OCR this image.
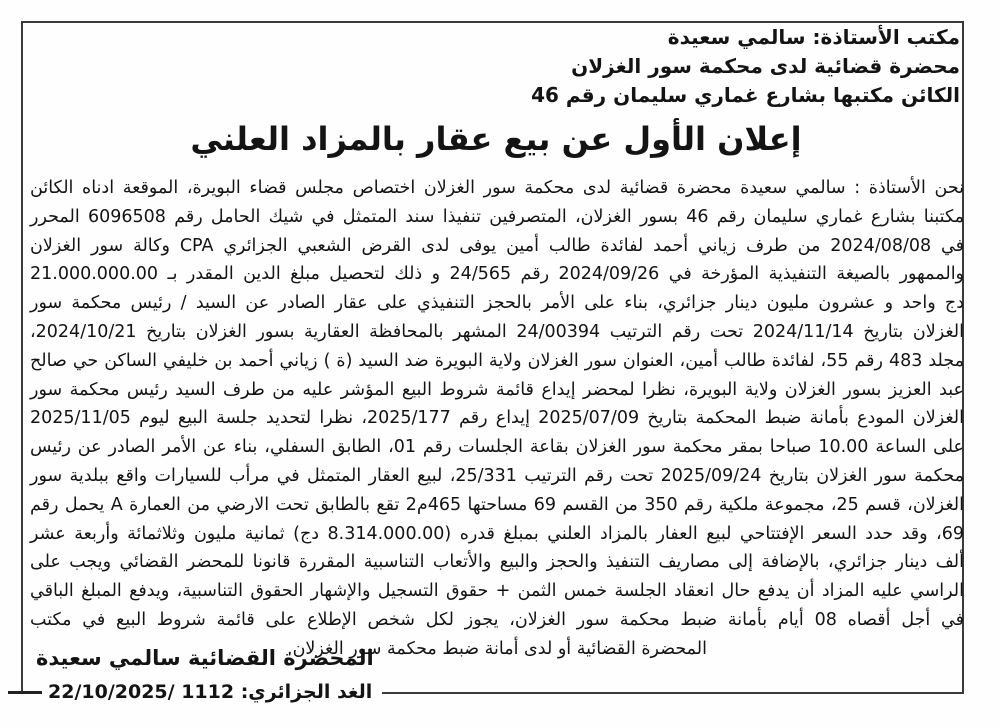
مكتب الأستاذة: سالمي سعيدة
محضرة قضائية لدى محكمة سور الغزلان
الكائن مكتبها بشارع غماري سليمان رقم 46
إعلان الأول عن بيع عقار بالمزاد العلني
نحن الأستاذة : سالمي سعيدة محضرة قضائية لدى محكمة سور الغزلان اختصاص مجلس قضاء البويرة، الموقعة ادناه الكائن
مكتبنا بشارع غماري سليمان رقم 46 بسور الغزلان، المتصرفين تنفيذا سند المتمثل في شيك الحامل رقم 6096508 المحرر
في 2024/08/08 من طرف زياني أحمد لفائدة طالب أمين يوفى لدى القرض الشعبي الجزائري CPA وكالة سور الغزلان
والممهور بالصيغة التنفيذية المؤرخة في 2024/09/26 رقم 24/565 و ذلك لتحصيل مبلغ الدين المقدر بـ 21.000.000.00
دج واحد و عشرون مليون دينار جزائري، بناء على الأمر بالحجز التنفيذي على عقار الصادر عن السيد / رئيس محكمة سور
الغزلان بتاريخ 2024/11/14 تحت رقم الترتيب 24/00394 المشهر بالمحافظة العقارية بسور الغزلان بتاريخ 2024/10/21،
مجلد 483 رقم 55، لفائدة طالب أمين، العنوان سور الغزلان ولاية البويرة ضد السيد (ة ) زياني أحمد بن خليفي الساكن حي صالح
عبد العزيز بسور الغزلان ولاية البويرة، نظرا لمحضر إيداع قائمة شروط البيع المؤشر عليه من طرف السيد رئيس محكمة سور
الغزلان المودع بأمانة ضبط المحكمة بتاريخ 2025/07/09 إيداع رقم 2025/177، نظرا لتحديد جلسة البيع ليوم 2025/11/05
على الساعة 10.00 صباحا بمقر محكمة سور الغزلان بقاعة الجلسات رقم 01، الطابق السفلي، بناء عن الأمر الصادر عن رئيس
محكمة سور الغزلان بتاريخ 2025/09/24 تحت رقم الترتيب 25/331، لبيع العقار المتمثل في مرأب للسيارات واقع ببلدية سور
الغزلان، قسم 25، مجموعة ملكية رقم 350 من القسم 69 مساحتها 465م2 تقع بالطابق تحت الارضي من العمارة A يحمل رقم
69، وقد حدد السعر الإفتتاحي لبيع العفار بالمزاد العلني بمبلغ قدره (8.314.000.00 دج) ثمانية مليون وثلاثمائة وأربعة عشر
ألف دينار جزائري، بالإضافة إلى مصاريف التنفيذ والحجز والبيع والأتعاب التناسبية المقررة قانونا للمحضر القضائي ويجب على
الراسي عليه المزاد أن يدفع حال انعقاد الجلسة خمس الثمن + حقوق التسجيل والإشهار الحقوق التناسبية، ويدفع المبلغ الباقي
في أجل أقصاه 08 أيام بأمانة ضبط محكمة سور الغزلان، يجوز لكل شخص الإطلاع على قائمة شروط البيع في مكتب
المحضرة القضائية أو لدى أمانة ضبط محكمة سور الغزلان.
المحضرة القضائية سالمي سعيدة
الغد الجزائري: 1112 /22/10/2025
